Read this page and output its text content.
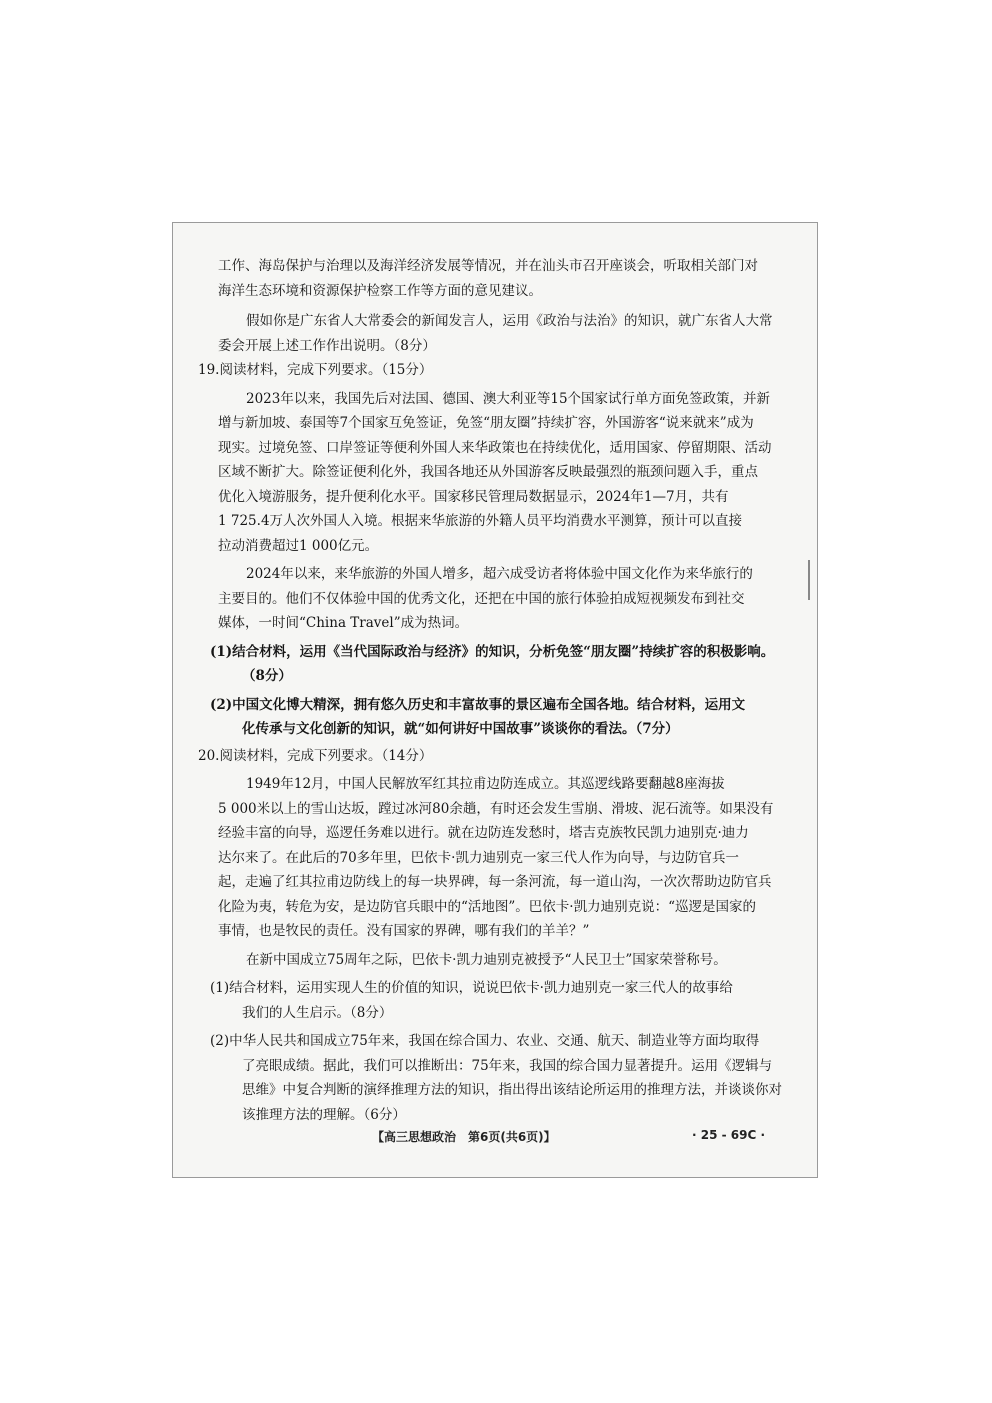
工作、海岛保护与治理以及海洋经济发展等情况，并在汕头市召开座谈会，听取相关部门对
海洋生态环境和资源保护检察工作等方面的意见建议。
假如你是广东省人大常委会的新闻发言人，运用《政治与法治》的知识，就广东省人大常
委会开展上述工作作出说明。（8分）
19.阅读材料，完成下列要求。（15分）
2023年以来，我国先后对法国、德国、澳大利亚等15个国家试行单方面免签政策，并新
增与新加坡、泰国等7个国家互免签证，免签“朋友圈”持续扩容，外国游客“说来就来”成为
现实。过境免签、口岸签证等便利外国人来华政策也在持续优化，适用国家、停留期限、活动
区域不断扩大。除签证便利化外，我国各地还从外国游客反映最强烈的瓶颈问题入手，重点
优化入境游服务，提升便利化水平。国家移民管理局数据显示，2024年1—7月，共有
1 725.4万人次外国人入境。根据来华旅游的外籍人员平均消费水平测算，预计可以直接
拉动消费超过1 000亿元。
2024年以来，来华旅游的外国人增多，超六成受访者将体验中国文化作为来华旅行的
主要目的。他们不仅体验中国的优秀文化，还把在中国的旅行体验拍成短视频发布到社交
媒体，一时间“China Travel”成为热词。
(1)结合材料，运用《当代国际政治与经济》的知识，分析免签“朋友圈”持续扩容的积极影响。
（8分）
(2)中国文化博大精深，拥有悠久历史和丰富故事的景区遍布全国各地。结合材料，运用文
化传承与文化创新的知识，就“如何讲好中国故事”谈谈你的看法。（7分）
20.阅读材料，完成下列要求。（14分）
1949年12月，中国人民解放军红其拉甫边防连成立。其巡逻线路要翻越8座海拔
5 000米以上的雪山达坂，蹚过冰河80余趟，有时还会发生雪崩、滑坡、泥石流等。如果没有
经验丰富的向导，巡逻任务难以进行。就在边防连发愁时，塔吉克族牧民凯力迪别克·迪力
达尔来了。在此后的70多年里，巴依卡·凯力迪别克一家三代人作为向导，与边防官兵一
起，走遍了红其拉甫边防线上的每一块界碑，每一条河流，每一道山沟，一次次帮助边防官兵
化险为夷，转危为安，是边防官兵眼中的“活地图”。巴依卡·凯力迪别克说：“巡逻是国家的
事情，也是牧民的责任。没有国家的界碑，哪有我们的羊羊？”
在新中国成立75周年之际，巴依卡·凯力迪别克被授予“人民卫士”国家荣誉称号。
(1)结合材料，运用实现人生的价值的知识，说说巴依卡·凯力迪别克一家三代人的故事给
我们的人生启示。（8分）
(2)中华人民共和国成立75年来，我国在综合国力、农业、交通、航天、制造业等方面均取得
了亮眼成绩。据此，我们可以推断出：75年来，我国的综合国力显著提升。运用《逻辑与
思维》中复合判断的演绎推理方法的知识，指出得出该结论所运用的推理方法，并谈谈你对
该推理方法的理解。（6分）
【高三思想政治　第6页(共6页)】	· 25 - 69C ·
